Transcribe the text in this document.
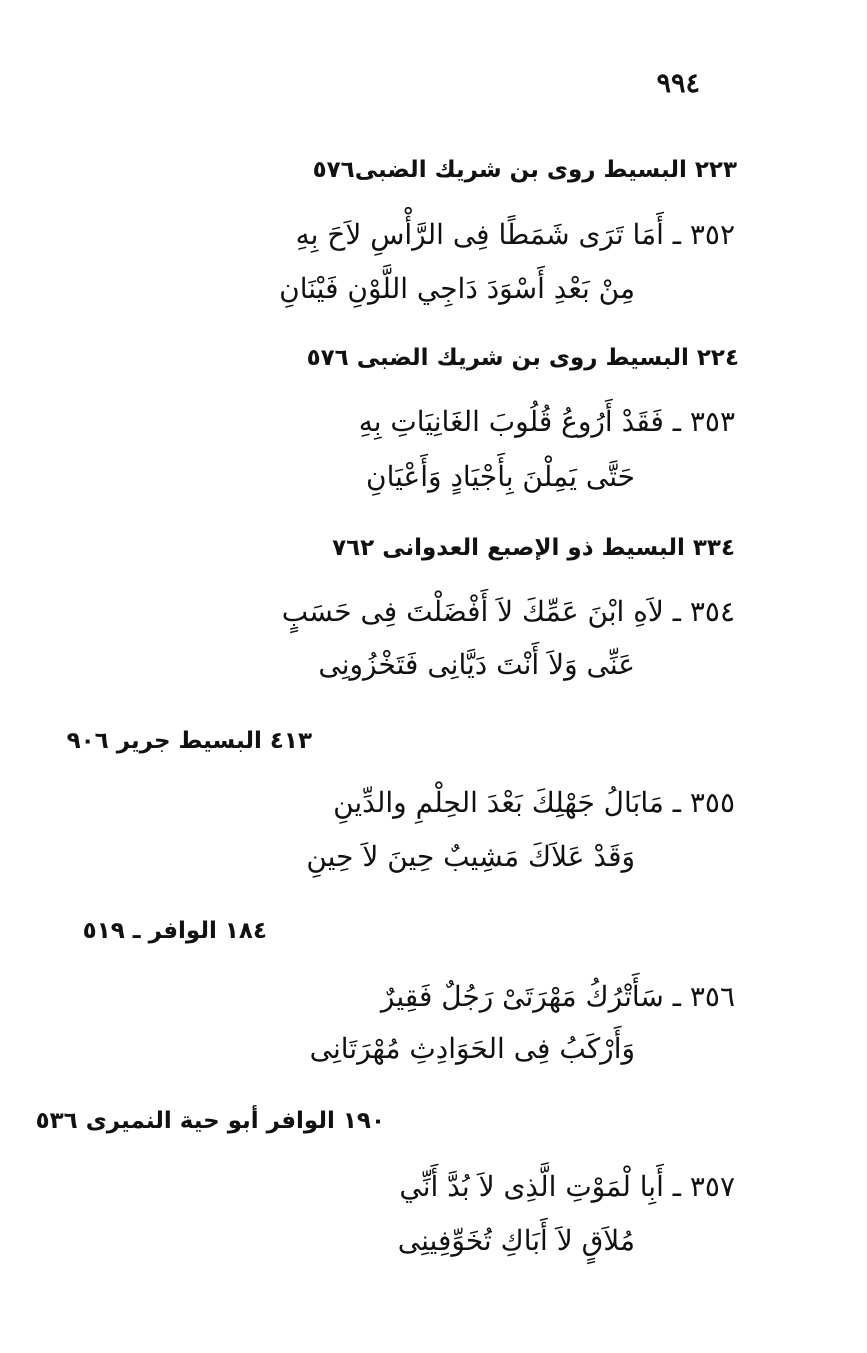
٩٩٤
٢٢٣ البسيط روى بن شريك الضبى٥٧٦
٣٥٢ ـ أَمَا تَرَى شَمَطًا فِى الرَّأْسِ لاَحَ بِهِ
مِنْ بَعْدِ أَسْوَدَ دَاجِي اللَّوْنِ فَيْنَانِ
٢٢٤ البسيط روى بن شريك الضبى ٥٧٦
٣٥٣ ـ فَقَدْ أَرُوعُ قُلُوبَ الغَانِيَاتِ بِهِ
حَتَّى يَمِلْنَ بِأَجْيَادٍ وَأَعْيَانِ
٣٣٤ البسيط ذو الإصبع العدوانى ٧٦٢
٣٥٤ ـ لاَهِ ابْنَ عَمِّكَ لاَ أَفْضَلْتَ فِى حَسَبٍ
عَنِّى وَلاَ أَنْتَ دَيَّانِى فَتَخْزُونِى
٤١٣ البسيط جرير ٩٠٦
٣٥٥ ـ مَابَالُ جَهْلِكَ بَعْدَ الحِلْمِ والدِّينِ
وَقَدْ عَلاَكَ مَشِيبٌ حِينَ لاَ حِينِ
١٨٤ الوافر ـ ٥١٩
٣٥٦ ـ سَأَتْرُكُ مَهْرَتَىْ رَجُلٌ فَقِيرٌ
وَأَرْكَبُ فِى الحَوَادِثِ مُهْرَتَانِى
١٩٠ الوافر أبو حية النميرى ٥٣٦
٣٥٧ ـ أَبِا لْمَوْتِ الَّذِى لاَ بُدَّ أَنِّي
مُلاَقٍ لاَ أَبَاكِ تُخَوِّفِينِى
